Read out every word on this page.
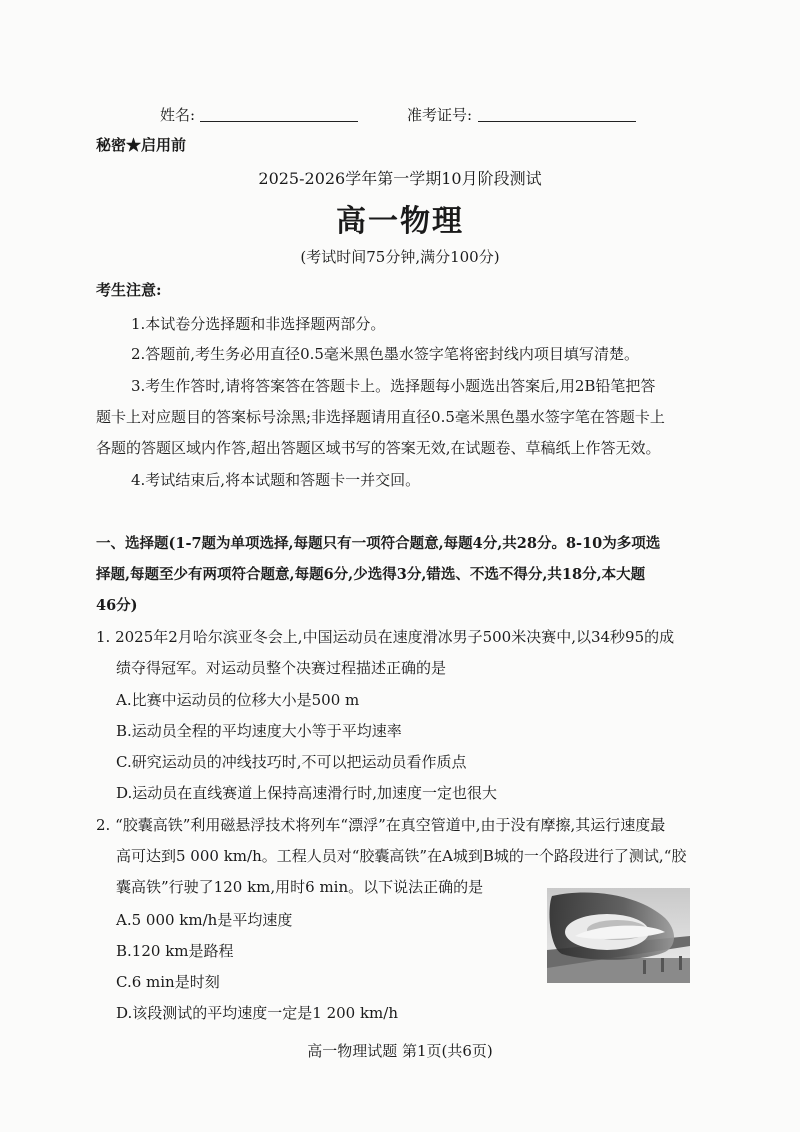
姓名:	准考证号:
秘密★启用前
2025-2026学年第一学期10月阶段测试
高一物理
(考试时间75分钟,满分100分)
考生注意:
1.本试卷分选择题和非选择题两部分。
2.答题前,考生务必用直径0.5毫米黑色墨水签字笔将密封线内项目填写清楚。
3.考生作答时,请将答案答在答题卡上。选择题每小题选出答案后,用2B铅笔把答
题卡上对应题目的答案标号涂黑;非选择题请用直径0.5毫米黑色墨水签字笔在答题卡上
各题的答题区域内作答,超出答题区域书写的答案无效,在试题卷、草稿纸上作答无效。
4.考试结束后,将本试题和答题卡一并交回。
一、选择题(1-7题为单项选择,每题只有一项符合题意,每题4分,共28分。8-10为多项选
择题,每题至少有两项符合题意,每题6分,少选得3分,错选、不选不得分,共18分,本大题
46分)
1. 2025年2月哈尔滨亚冬会上,中国运动员在速度滑冰男子500米决赛中,以34秒95的成
绩夺得冠军。对运动员整个决赛过程描述正确的是
A.比赛中运动员的位移大小是500 m
B.运动员全程的平均速度大小等于平均速率
C.研究运动员的冲线技巧时,不可以把运动员看作质点
D.运动员在直线赛道上保持高速滑行时,加速度一定也很大
2. “胶囊高铁”利用磁悬浮技术将列车“漂浮”在真空管道中,由于没有摩擦,其运行速度最
高可达到5 000 km/h。工程人员对“胶囊高铁”在A城到B城的一个路段进行了测试,“胶
囊高铁”行驶了120 km,用时6 min。以下说法正确的是
A.5 000 km/h是平均速度
B.120 km是路程
C.6 min是时刻
D.该段测试的平均速度一定是1 200 km/h
高一物理试题 第1页(共6页)
